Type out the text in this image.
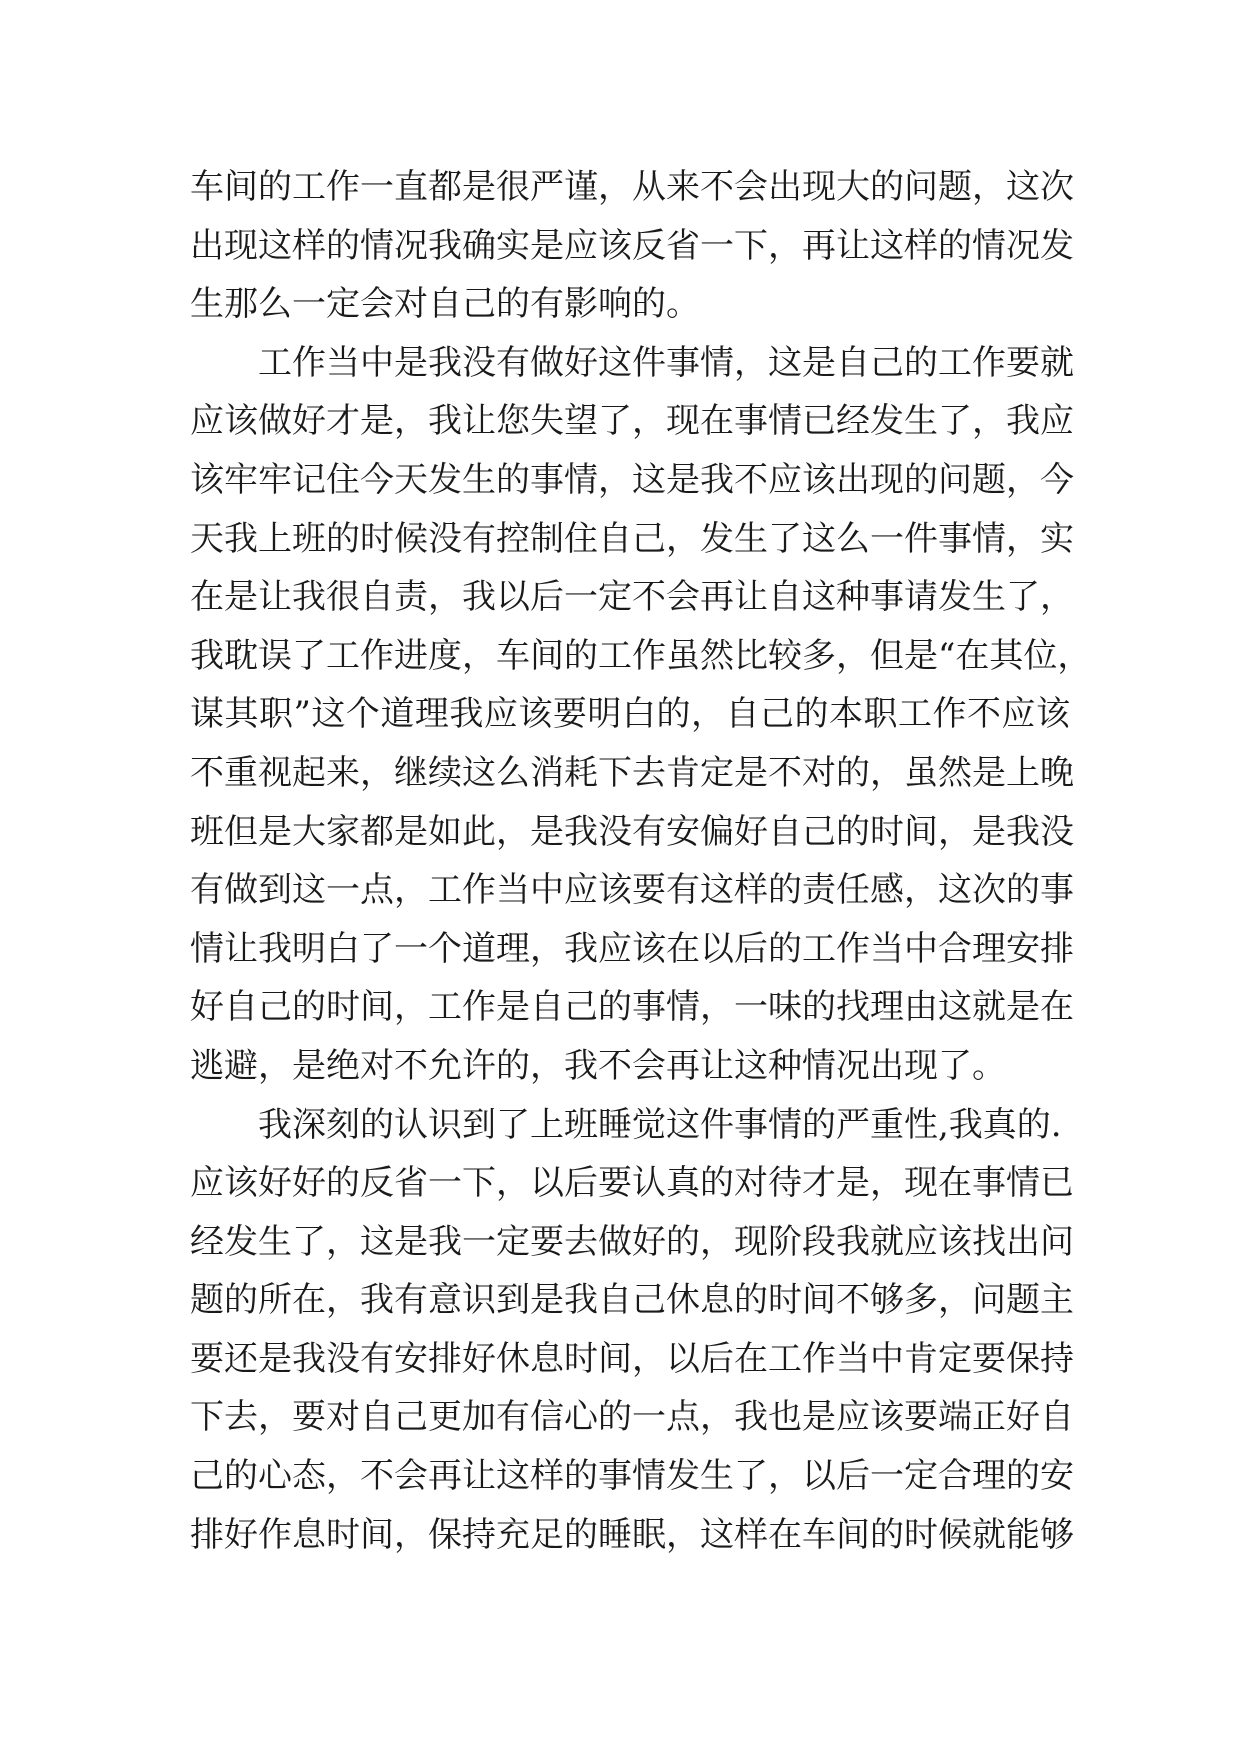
车间的工作一直都是很严谨，从来不会出现大的问题，这次
出现这样的情况我确实是应该反省一下，再让这样的情况发
生那么一定会对自己的有影响的。
工作当中是我没有做好这件事情，这是自己的工作要就
应该做好才是，我让您失望了，现在事情已经发生了，我应
该牢牢记住今天发生的事情，这是我不应该出现的问题，今
天我上班的时候没有控制住自己，发生了这么一件事情，实
在是让我很自责，我以后一定不会再让自这种事请发生了，
我耽误了工作进度，车间的工作虽然比较多，但是“在其位，
谋其职”这个道理我应该要明白的，自己的本职工作不应该
不重视起来，继续这么消耗下去肯定是不对的，虽然是上晚
班但是大家都是如此，是我没有安偏好自己的时间，是我没
有做到这一点，工作当中应该要有这样的责任感，这次的事
情让我明白了一个道理，我应该在以后的工作当中合理安排
好自己的时间，工作是自己的事情，一味的找理由这就是在
逃避，是绝对不允许的，我不会再让这种情况出现了。
我深刻的认识到了上班睡觉这件事情的严重性,我真的.
应该好好的反省一下，以后要认真的对待才是，现在事情已
经发生了，这是我一定要去做好的，现阶段我就应该找出问
题的所在，我有意识到是我自己休息的时间不够多，问题主
要还是我没有安排好休息时间，以后在工作当中肯定要保持
下去，要对自己更加有信心的一点，我也是应该要端正好自
己的心态，不会再让这样的事情发生了，以后一定合理的安
排好作息时间，保持充足的睡眠，这样在车间的时候就能够
